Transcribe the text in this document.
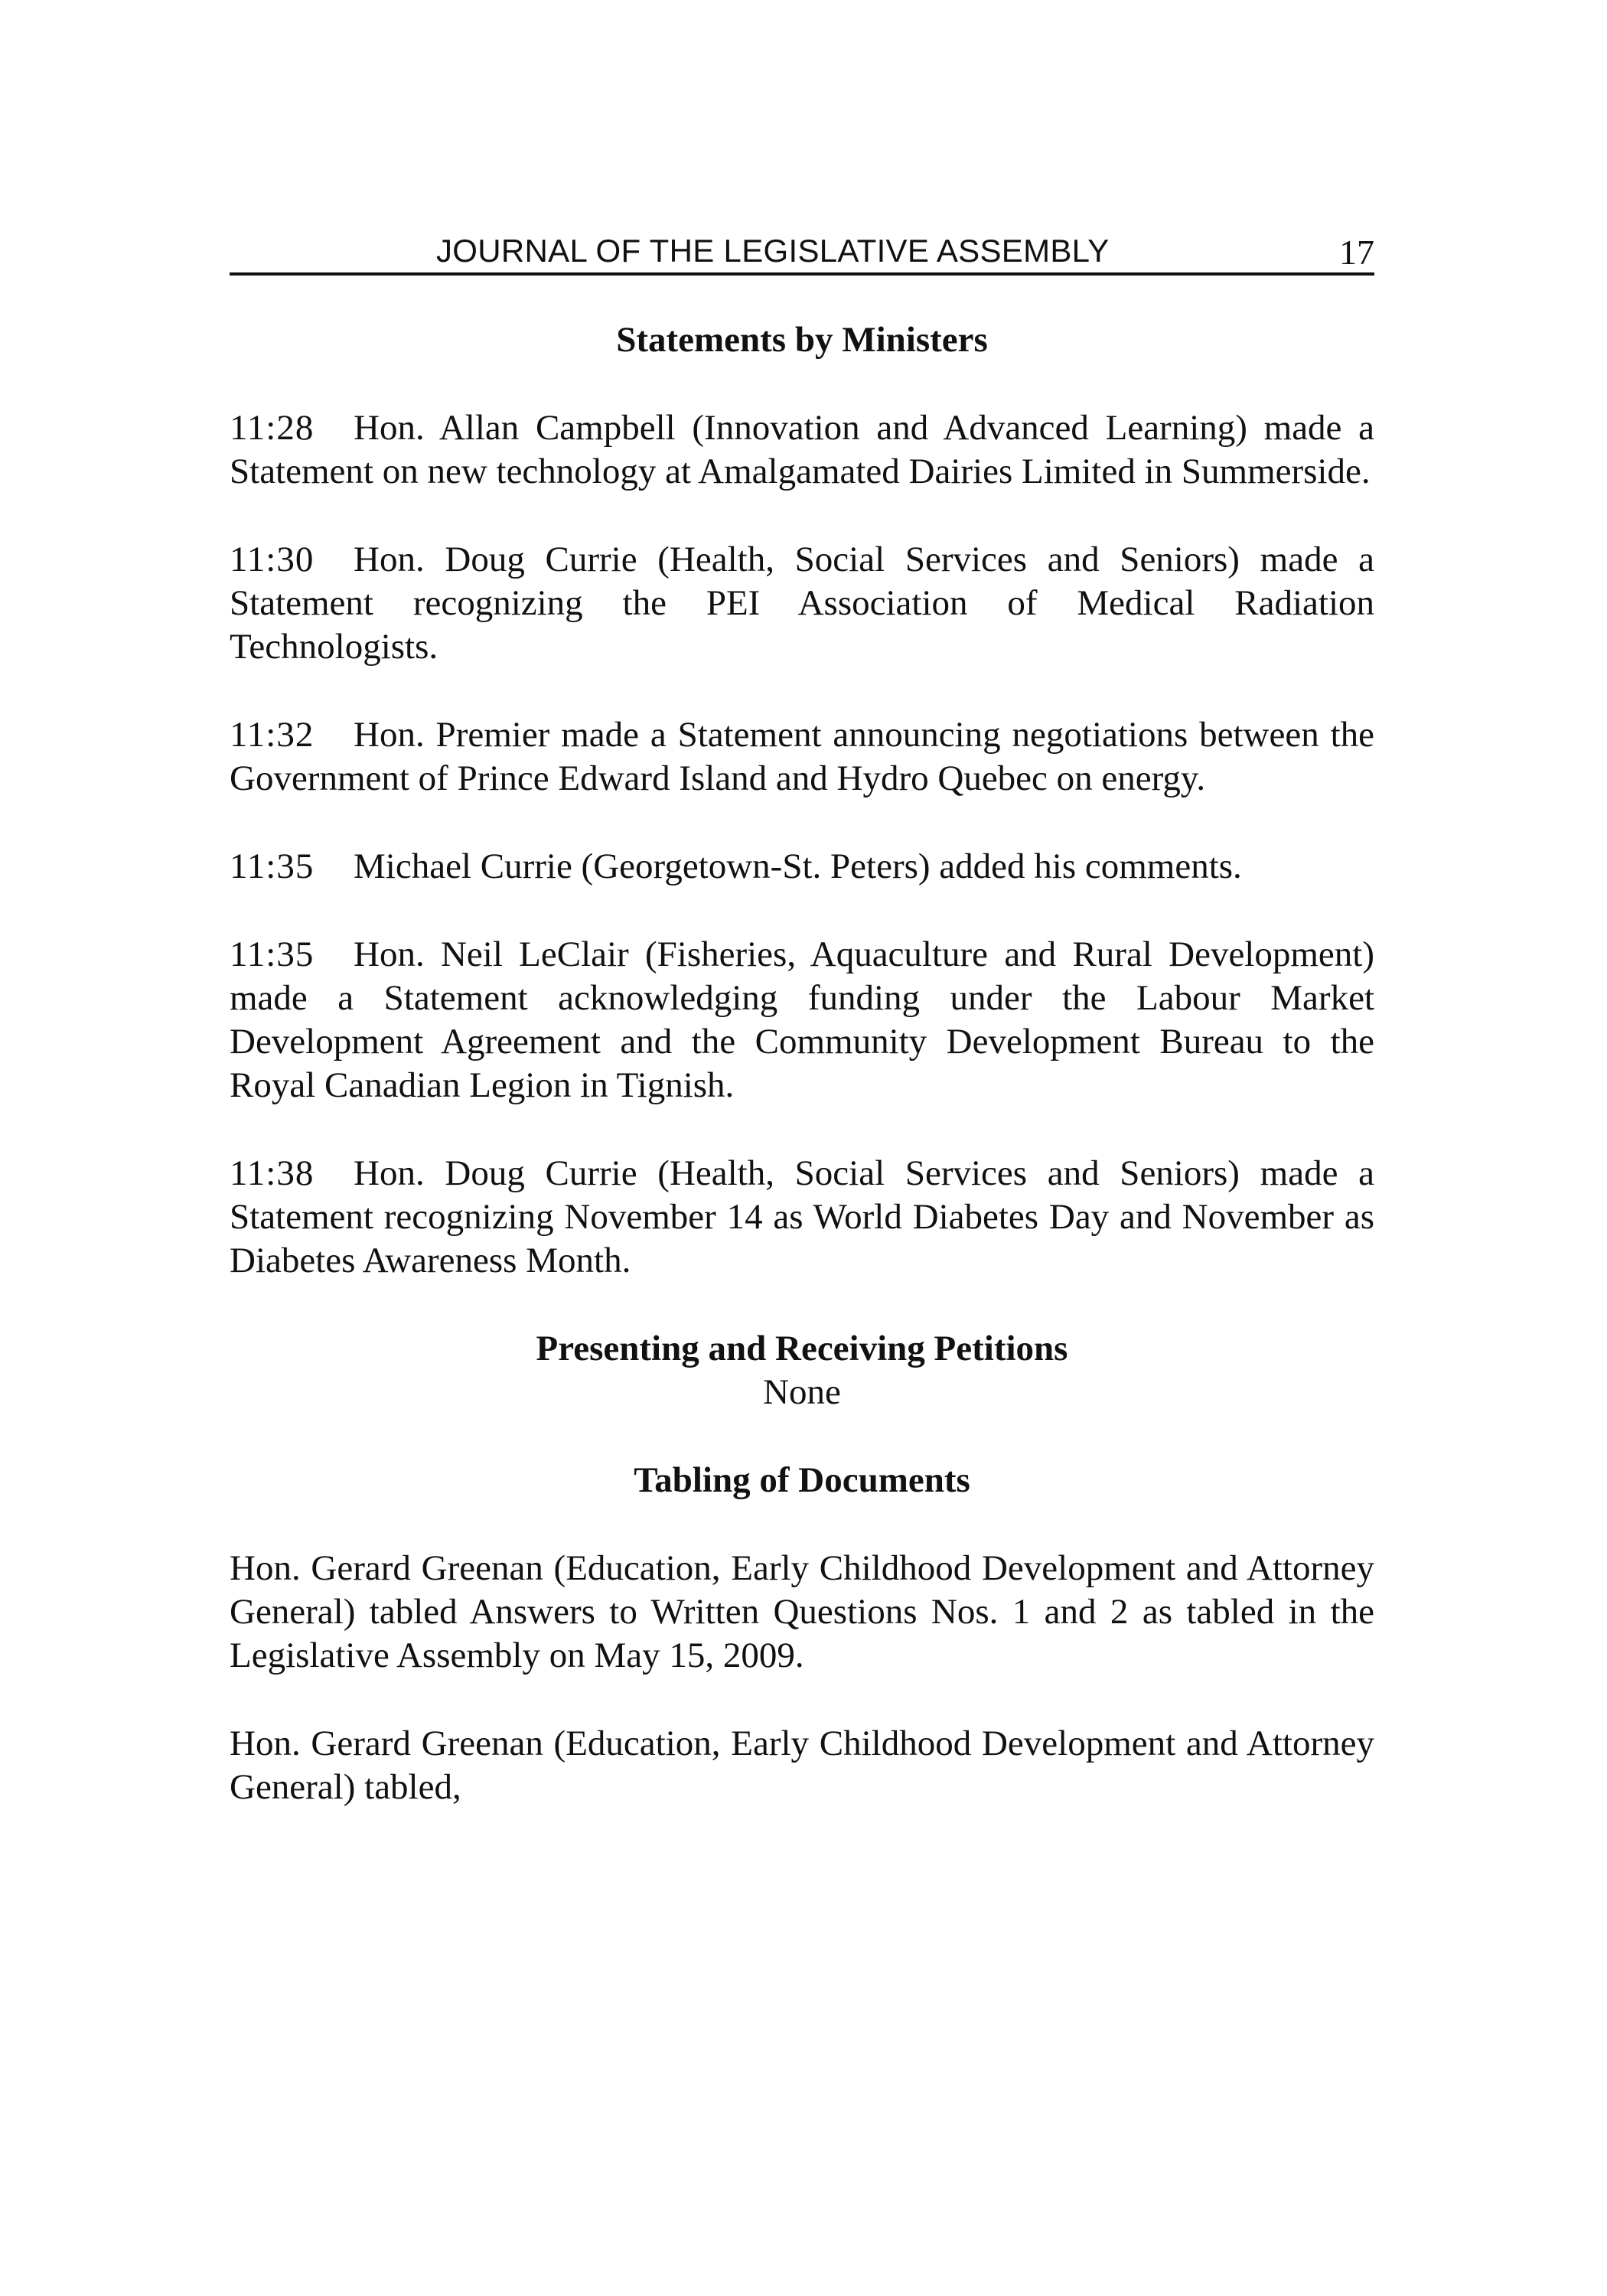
JOURNAL OF THE LEGISLATIVE ASSEMBLY	17

Statements by Ministers

11:28 Hon. Allan Campbell (Innovation and Advanced Learning) made a Statement on new technology at Amalgamated Dairies Limited in Summerside.

11:30 Hon. Doug Currie (Health, Social Services and Seniors) made a Statement recognizing the PEI Association of Medical Radiation Technologists.

11:32 Hon. Premier made a Statement announcing negotiations between the Government of Prince Edward Island and Hydro Quebec on energy.

11:35 Michael Currie (Georgetown-St. Peters) added his comments.

11:35 Hon. Neil LeClair (Fisheries, Aquaculture and Rural Development) made a Statement acknowledging funding under the Labour Market Development Agreement and the Community Development Bureau to the Royal Canadian Legion in Tignish.

11:38 Hon. Doug Currie (Health, Social Services and Seniors) made a Statement recognizing November 14 as World Diabetes Day and November as Diabetes Awareness Month.

Presenting and Receiving Petitions

None

Tabling of Documents

Hon. Gerard Greenan (Education, Early Childhood Development and Attorney General) tabled Answers to Written Questions Nos. 1 and 2 as tabled in the Legislative Assembly on May 15, 2009.

Hon. Gerard Greenan (Education, Early Childhood Development and Attorney General) tabled,
